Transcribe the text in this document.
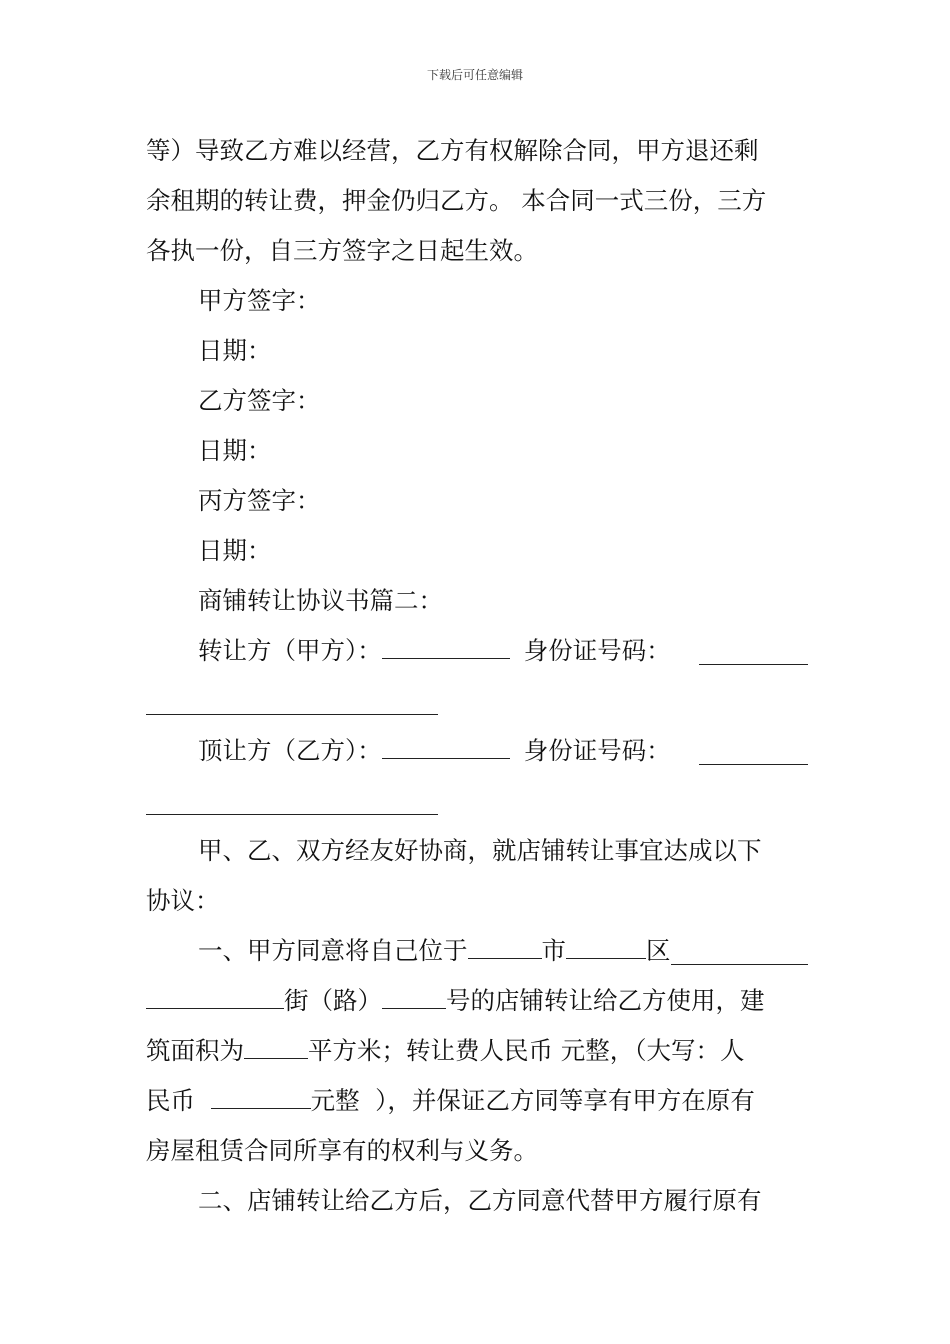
下载后可任意编辑

等）导致乙方难以经营，乙方有权解除合同，甲方退还剩

余租期的转让费，押金仍归乙方。 本合同一式三份，三方

各执一份，自三方签字之日起生效。

甲方签字：

日期：

乙方签字：

日期：

丙方签字：

日期：

商铺转让协议书篇二：

转让方（甲方）：	身份证号码：
顶让方（乙方）：	身份证号码：

甲、乙、双方经友好协商，就店铺转让事宜达成以下

协议：

一、甲方同意将自己位于	市	区
街（路）	号的店铺转让给乙方使用，建
筑面积为	平方米；转让费人民币 元整，（大写：人
民币	元整  ），并保证乙方同等享有甲方在原有

房屋租赁合同所享有的权利与义务。

二、店铺转让给乙方后，乙方同意代替甲方履行原有
